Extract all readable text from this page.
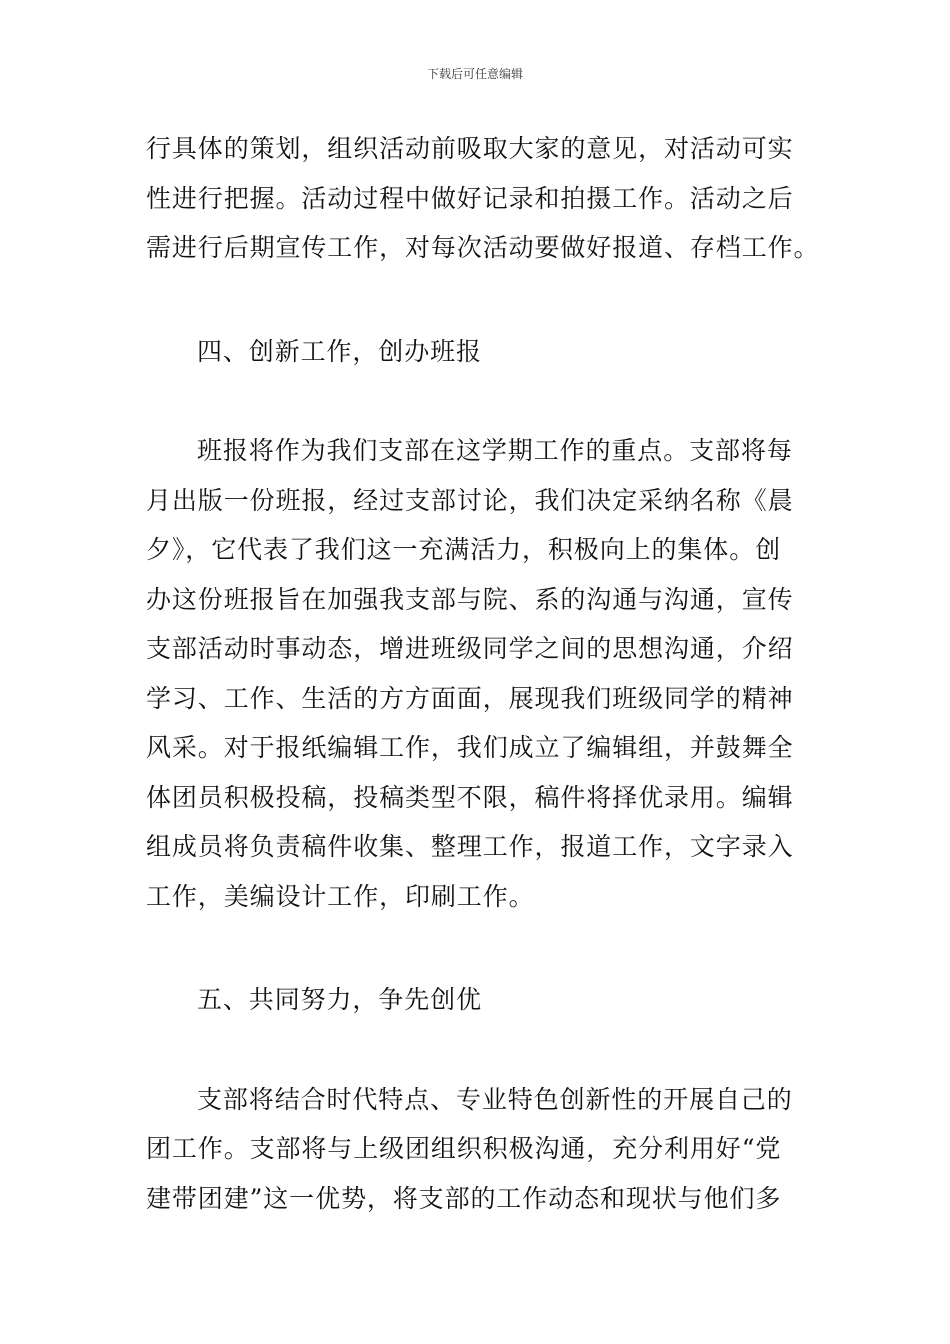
下载后可任意编辑

行具体的策划，组织活动前吸取大家的意见，对活动可实
性进行把握。活动过程中做好记录和拍摄工作。活动之后
需进行后期宣传工作，对每次活动要做好报道、存档工作。

四、创新工作，创办班报

班报将作为我们支部在这学期工作的重点。支部将每
月出版一份班报，经过支部讨论，我们决定采纳名称《晨
夕》，它代表了我们这一充满活力，积极向上的集体。创
办这份班报旨在加强我支部与院、系的沟通与沟通，宣传
支部活动时事动态，增进班级同学之间的思想沟通，介绍
学习、工作、生活的方方面面，展现我们班级同学的精神
风采。对于报纸编辑工作，我们成立了编辑组，并鼓舞全
体团员积极投稿，投稿类型不限，稿件将择优录用。编辑
组成员将负责稿件收集、整理工作，报道工作，文字录入
工作，美编设计工作，印刷工作。

五、共同努力，争先创优

支部将结合时代特点、专业特色创新性的开展自己的
团工作。支部将与上级团组织积极沟通，充分利用好“党
建带团建”这一优势，将支部的工作动态和现状与他们多
